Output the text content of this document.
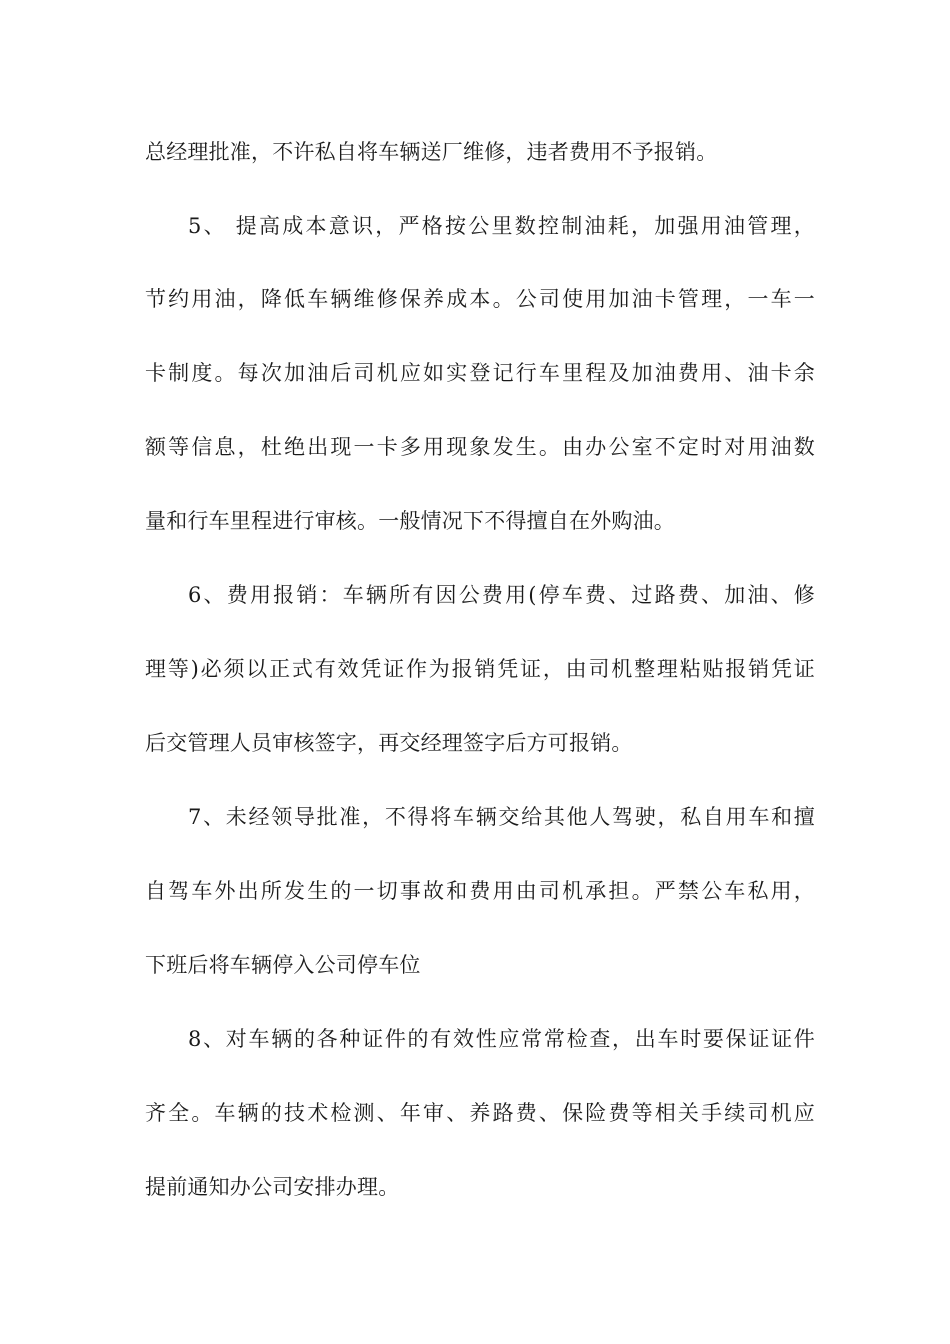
总经理批准，不许私自将车辆送厂维修，违者费用不予报销。
5、 提高成本意识，严格按公里数控制油耗，加强用油管理，
节约用油，降低车辆维修保养成本。公司使用加油卡管理，一车一
卡制度。每次加油后司机应如实登记行车里程及加油费用、油卡余
额等信息，杜绝出现一卡多用现象发生。由办公室不定时对用油数
量和行车里程进行审核。一般情况下不得擅自在外购油。
6、费用报销：车辆所有因公费用(停车费、过路费、加油、修
理等)必须以正式有效凭证作为报销凭证，由司机整理粘贴报销凭证
后交管理人员审核签字，再交经理签字后方可报销。
7、未经领导批准，不得将车辆交给其他人驾驶，私自用车和擅
自驾车外出所发生的一切事故和费用由司机承担。严禁公车私用，
下班后将车辆停入公司停车位
8、对车辆的各种证件的有效性应常常检查，出车时要保证证件
齐全。车辆的技术检测、年审、养路费、保险费等相关手续司机应
提前通知办公司安排办理。
